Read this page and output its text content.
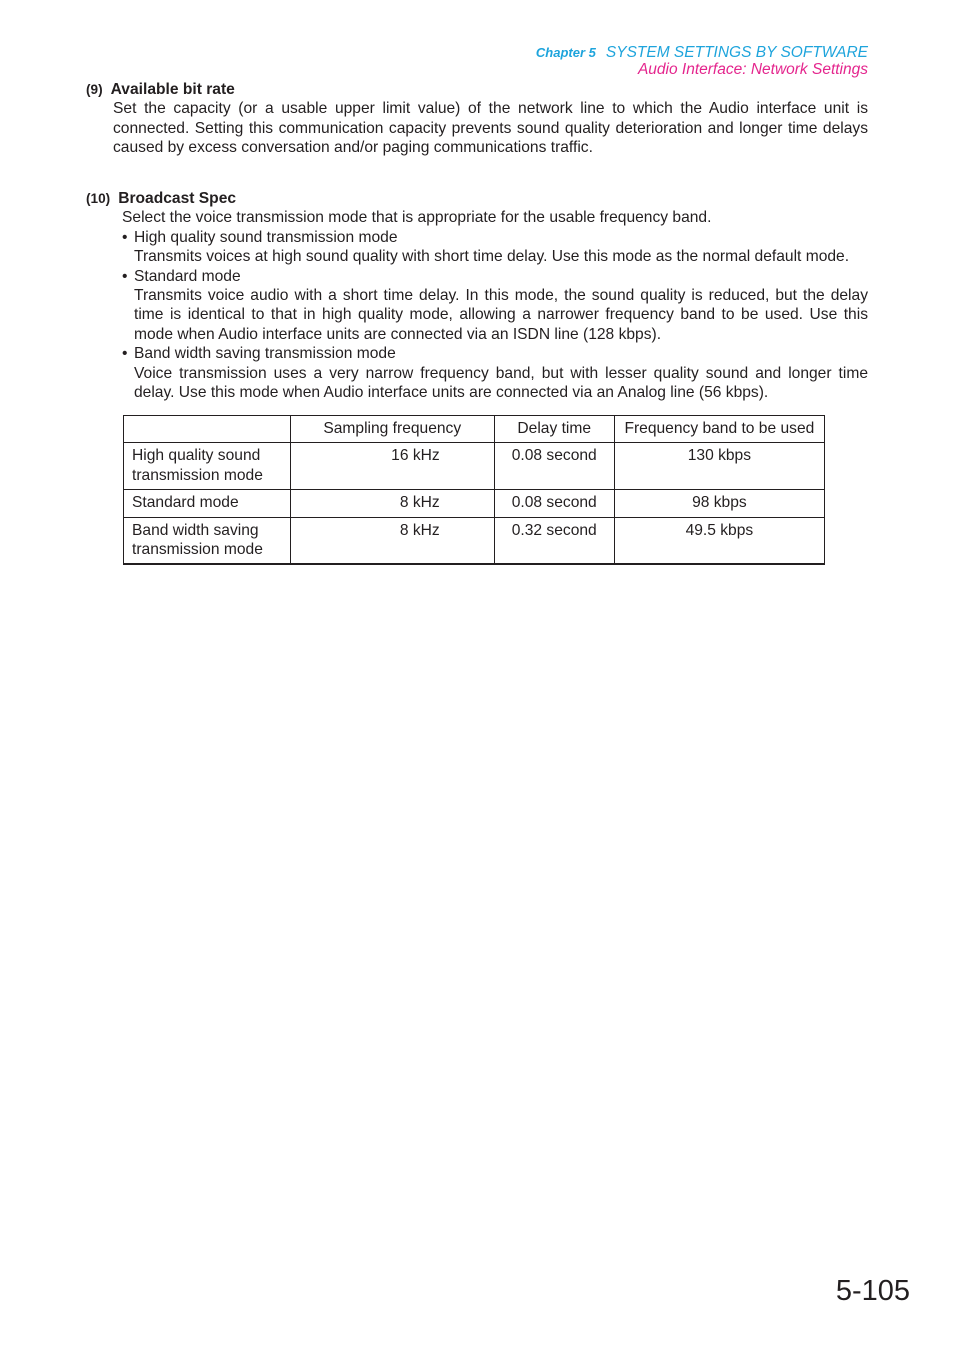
Chapter 5 SYSTEM SETTINGS BY SOFTWARE
Audio Interface: Network Settings
(9) Available bit rate
Set the capacity (or a usable upper limit value) of the network line to which the Audio interface unit is connected. Setting this communication capacity prevents sound quality deterioration and longer time delays caused by excess conversation and/or paging communications traffic.
(10) Broadcast Spec
Select the voice transmission mode that is appropriate for the usable frequency band.
• High quality sound transmission mode
Transmits voices at high sound quality with short time delay. Use this mode as the normal default mode.
• Standard mode
Transmits voice audio with a short time delay. In this mode, the sound quality is reduced, but the delay time is identical to that in high quality mode, allowing a narrower frequency band to be used. Use this mode when Audio interface units are connected via an ISDN line (128 kbps).
• Band width saving transmission mode
Voice transmission uses a very narrow frequency band, but with lesser quality sound and longer time delay. Use this mode when Audio interface units are connected via an Analog line (56 kbps).
	Sampling frequency	Delay time	Frequency band to be used
High quality sound
transmission mode	16 kHz	0.08 second	130 kbps
Standard mode	8 kHz	0.08 second	98 kbps
Band width saving
transmission mode	8 kHz	0.32 second	49.5 kbps
5-105
